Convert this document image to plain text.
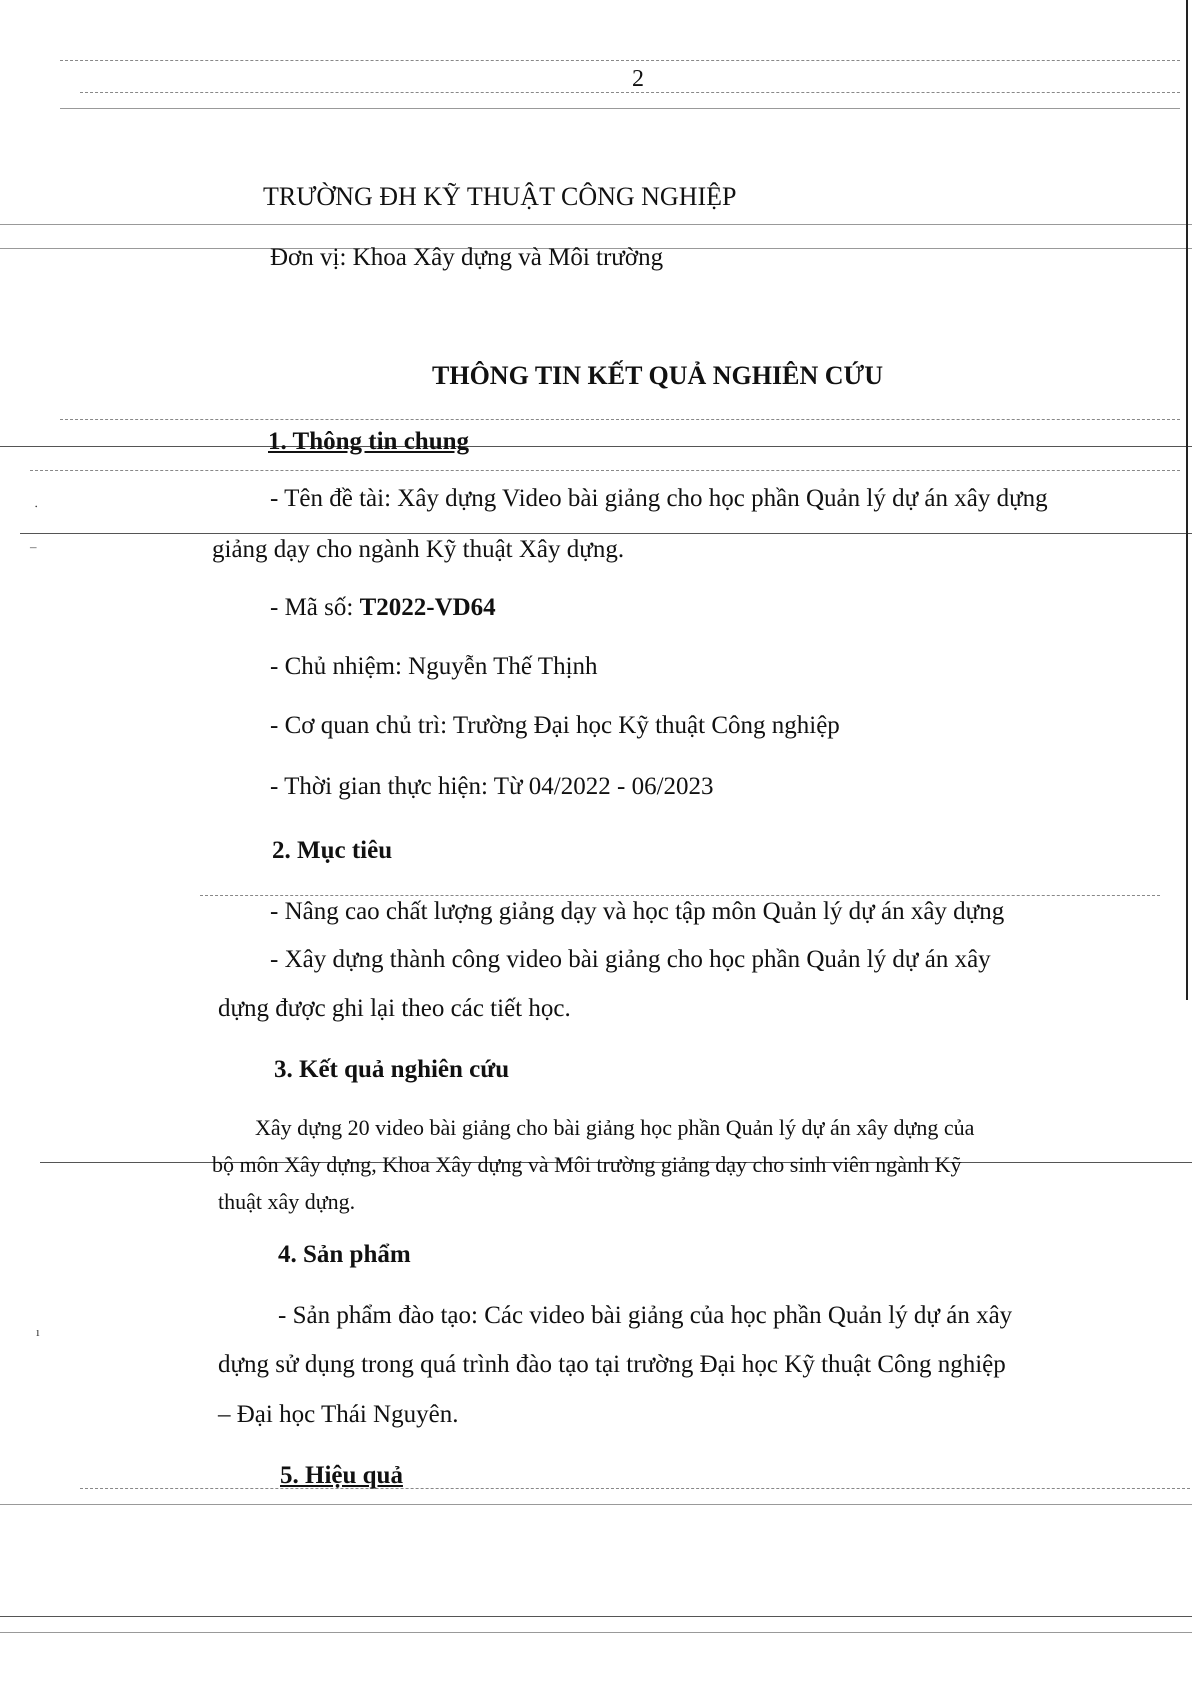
⋅
–
ı
2
TRƯỜNG ĐH KỸ THUẬT CÔNG NGHIỆP
Đơn vị: Khoa Xây dựng và Môi trường
THÔNG TIN KẾT QUẢ NGHIÊN CỨU
1. Thông tin chung
- Tên đề tài: Xây dựng Video bài giảng cho học phần Quản lý dự án xây dựng
giảng dạy cho ngành Kỹ thuật Xây dựng.
- Mã số: T2022-VD64
- Chủ nhiệm: Nguyễn Thế Thịnh
- Cơ quan chủ trì: Trường Đại học Kỹ thuật Công nghiệp
- Thời gian thực hiện: Từ 04/2022 - 06/2023
2. Mục tiêu
- Nâng cao chất lượng giảng dạy và học tập môn Quản lý dự án xây dựng
- Xây dựng thành công video bài giảng cho học phần Quản lý dự án xây
dựng được ghi lại theo các tiết học.
3. Kết quả nghiên cứu
Xây dựng 20 video bài giảng cho bài giảng học phần Quản lý dự án xây dựng của
bộ môn Xây dựng, Khoa Xây dựng và Môi trường giảng dạy cho sinh viên ngành Kỹ
thuật xây dựng.
4. Sản phẩm
- Sản phẩm đào tạo: Các video bài giảng của học phần Quản lý dự án xây
dựng sử dụng trong quá trình đào tạo tại trường Đại học Kỹ thuật Công nghiệp
– Đại học Thái Nguyên.
5. Hiệu quả
